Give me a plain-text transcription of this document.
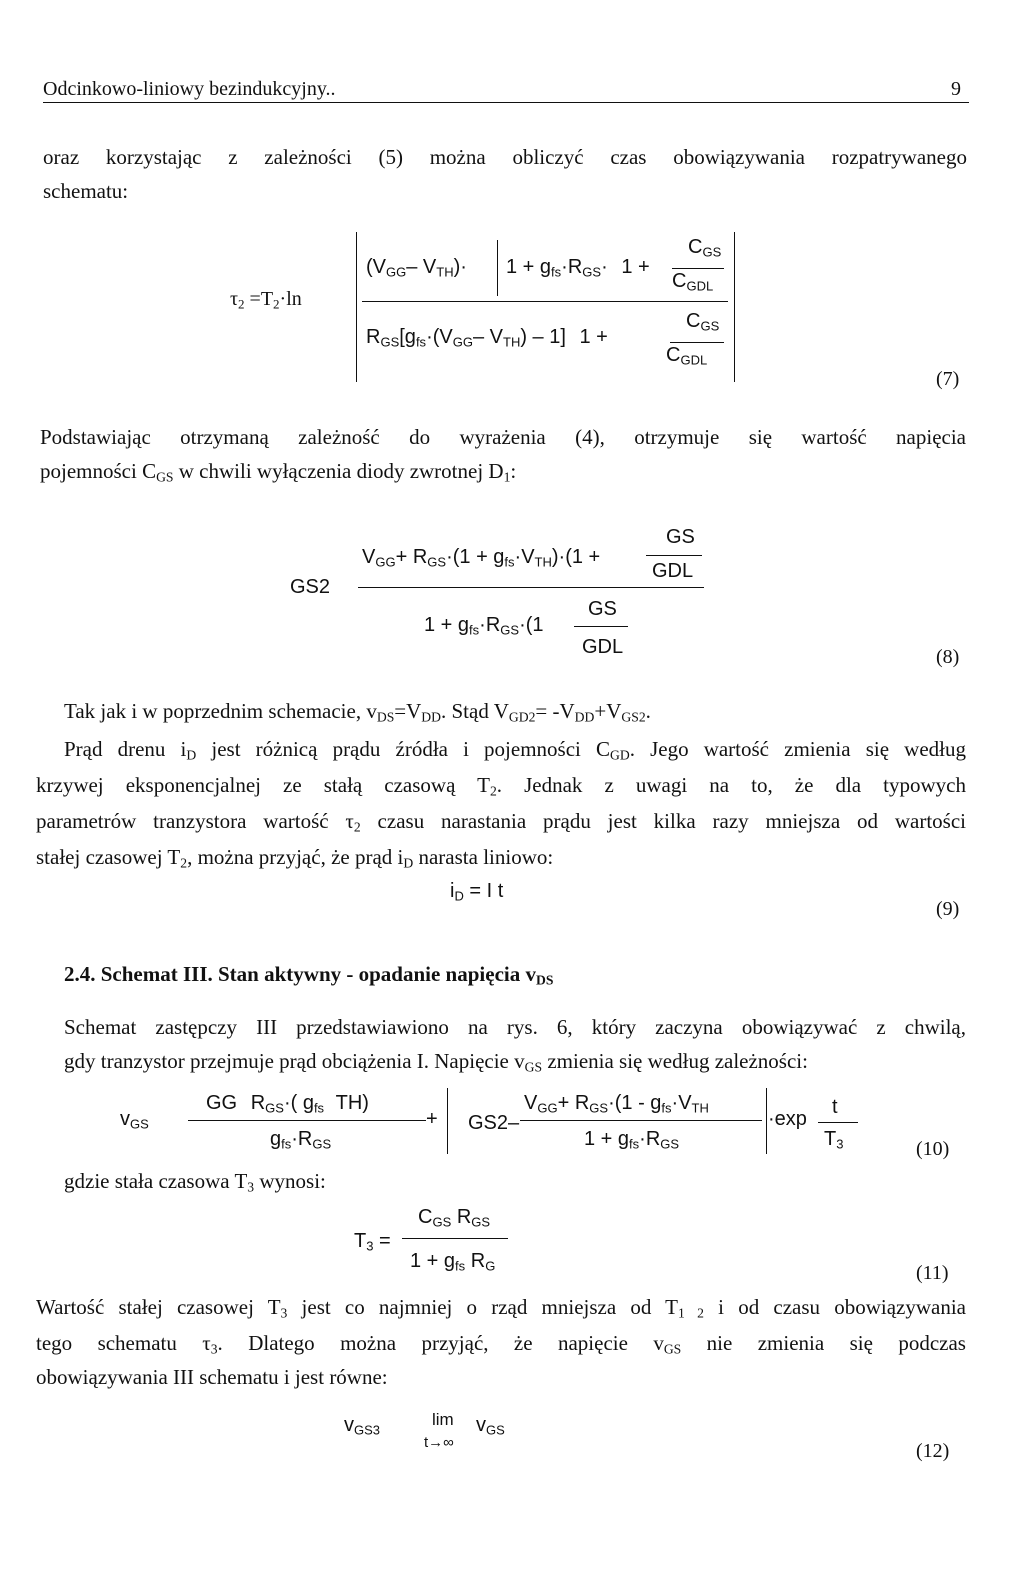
Odcinkowo-liniowy bezindukcyjny..	9
oraz korzystając z zależności (5) można obliczyć czas obowiązywania rozpatrywanego
schematu:
$\tau_2 =T_2\cdot\ln$
($V_{GG}-$ $V_{TH})\cdot 1 + g_{fs}\cdot R_{GS}\cdot 1$ +
$C_{GS}$
$C_{GDL}$
$R_{GS}[g_{fs}\cdot(V_{GG}-$ $V_{TH}) - 1$] 1 +
$C_{GS}$
$C_{GDL}$
(7)
Podstawiając otrzymaną zależność do wyrażenia (4), otrzymuje się wartość napięcia
pojemności $C_{GS}$ w chwili wyłączenia diody zwrotnej $D_1$:
GS2
$V_{GG}+ R_{GS}\cdot(1 + g_{fs}\cdot V_{TH})\cdot(1$ +
GS
GDL
$1 + g_{fs}\cdot R_{GS}\cdot(1$
GS
GDL	(8)
Tak jak i w poprzednim schemacie, $v_{DS}=V_{DD}$. Stąd $V_{GD2}= -V_{DD}+V_{GS2}$.
Prąd drenu $i_D$ jest różnicą prądu źródła i pojemności $C_{GD}$. Jego wartość zmienia się według
krzywej eksponencjalnej ze stałą czasową $T_2$. Jednak z uwagi na to, że dla typowych
parametrów tranzystora wartość $\tau_2$ czasu narastania prądu jest kilka razy mniejsza od wartości
stałej czasowej $T_2$, można przyjąć, że prąd $i_D$ narasta liniowo:
$i_D = I$ t
(9)
2.4. Schemat III. Stan aktywny - opadanie napięcia $v_{DS}$
Schemat zastępczy III przedstawiawiono na rys. 6, który zaczyna obowiązywać z chwilą,
gdy tranzystor przejmuje prąd obciążenia I. Napięcie $v_{GS}$ zmienia się według zależności:
$v_{GS}$
GG $R_{GS}\cdot$( $g_{fs}$ TH)
$g_{fs}\cdot R_{GS}$
+ GS2–
$V_{GG}+ R_{GS}\cdot(1 - g_{fs}\cdot V_{TH}$
$1 + g_{fs}\cdot R_{GS}$
·exp
t
$T_3$	(10)
gdzie stała czasowa $T_3$ wynosi:
$T_3$ =
$C_{GS}$ $R_{GS}$
$1 + g_{fs}$ $R_G$	(11)
Wartość stałej czasowej $T_3$ jest co najmniej o rząd mniejsza od $T_{1 2}$ i od czasu obowiązywania
tego schematu $\tau_3$. Dlatego można przyjąć, że napięcie $v_{GS}$ nie zmienia się podczas
obowiązywania III schematu i jest równe:
$v_{GS3}$
lim
t→∞
$v_{GS}$
(12)
